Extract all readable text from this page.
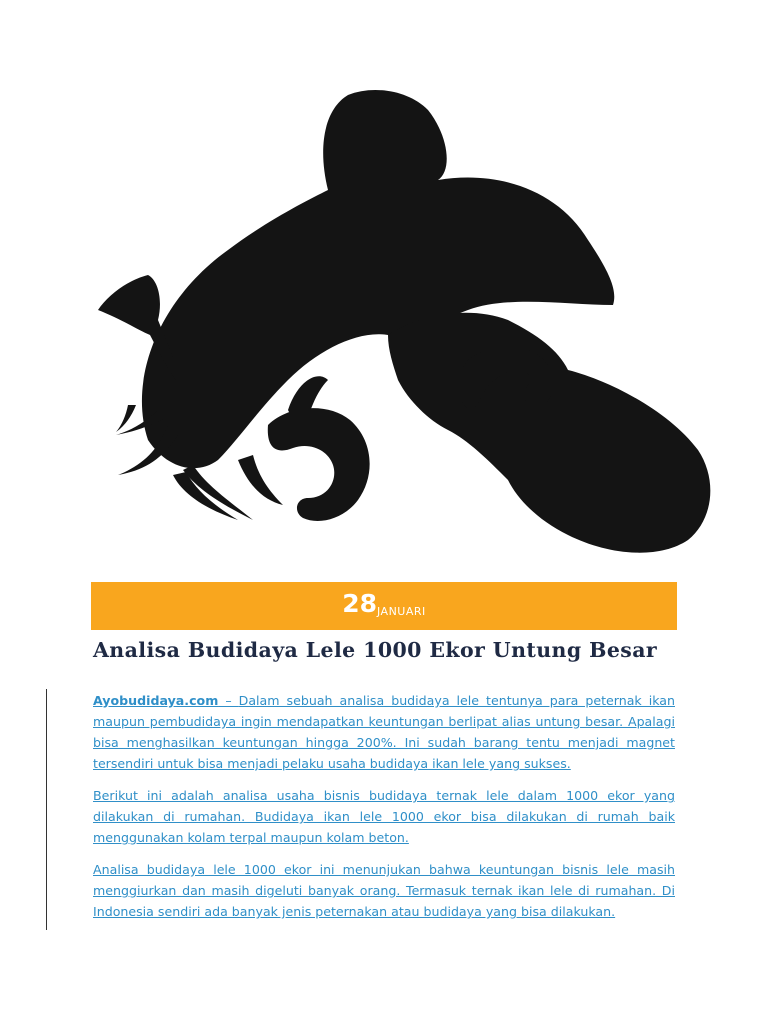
28 JANUARI
Analisa Budidaya Lele 1000 Ekor Untung Besar

Ayobudidaya.com – Dalam sebuah analisa budidaya lele tentunya para peternak ikan maupun pembudidaya ingin mendapatkan keuntungan berlipat alias untung besar. Apalagi bisa menghasilkan keuntungan hingga 200%. Ini sudah barang tentu menjadi magnet tersendiri untuk bisa menjadi pelaku usaha budidaya ikan lele yang sukses.

Berikut ini adalah analisa usaha bisnis budidaya ternak lele dalam 1000 ekor yang dilakukan di rumahan. Budidaya ikan lele 1000 ekor bisa dilakukan di rumah baik menggunakan kolam terpal maupun kolam beton.

Analisa budidaya lele 1000 ekor ini menunjukan bahwa keuntungan bisnis lele masih menggiurkan dan masih digeluti banyak orang. Termasuk ternak ikan lele di rumahan. Di Indonesia sendiri ada banyak jenis peternakan atau budidaya yang bisa dilakukan.
